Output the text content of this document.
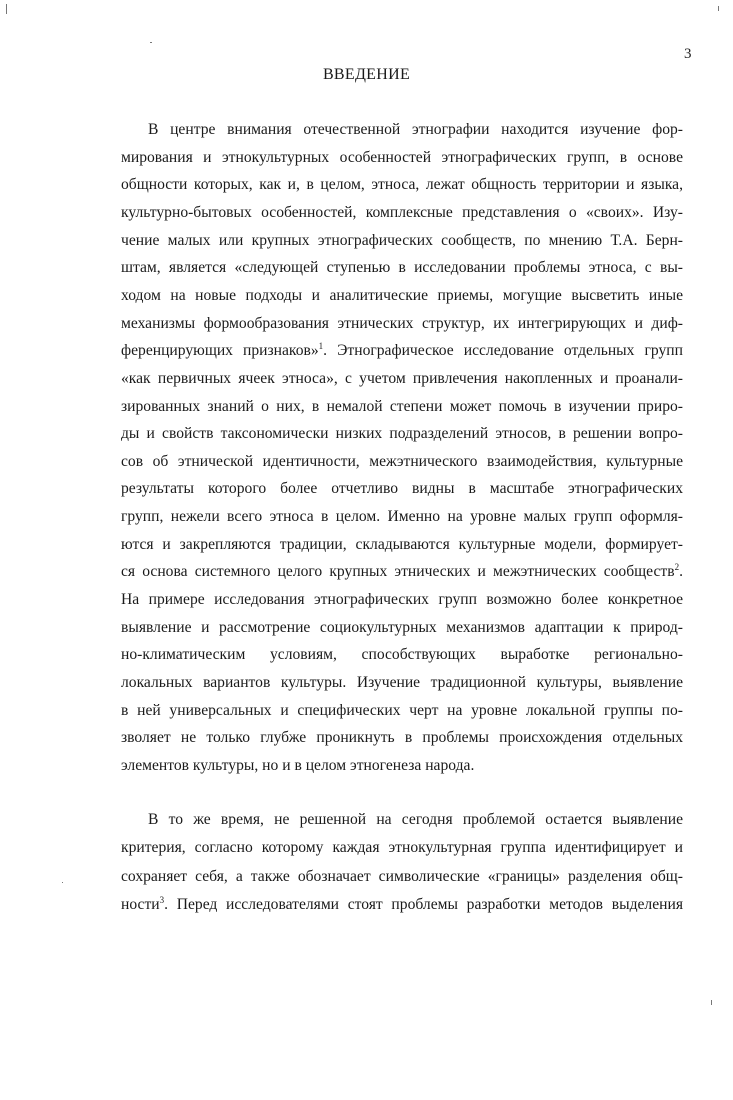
3
ВВЕДЕНИЕ
В центре внимания отечественной этнографии находится изучение фор-
мирования и этнокультурных особенностей этнографических групп, в основе
общности которых, как и, в целом, этноса, лежат общность территории и языка,
культурно-бытовых особенностей, комплексные представления о «своих». Изу-
чение малых или крупных этнографических сообществ, по мнению Т.А. Берн-
штам, является «следующей ступенью в исследовании проблемы этноса, с вы-
ходом на новые подходы и аналитические приемы, могущие высветить иные
механизмы формообразования этнических структур, их интегрирующих и диф-
ференцирующих признаков»$^1$. Этнографическое исследование отдельных групп
«как первичных ячеек этноса», с учетом привлечения накопленных и проанали-
зированных знаний о них, в немалой степени может помочь в изучении приро-
ды и свойств таксономически низких подразделений этносов, в решении вопро-
сов об этнической идентичности, межэтнического взаимодействия, культурные
результаты которого более отчетливо видны в масштабе этнографических
групп, нежели всего этноса в целом. Именно на уровне малых групп оформля-
ются и закрепляются традиции, складываются культурные модели, формирует-
ся основа системного целого крупных этнических и межэтнических сообществ$^2$.
На примере исследования этнографических групп возможно более конкретное
выявление и рассмотрение социокультурных механизмов адаптации к природ-
но-климатическим условиям, способствующих выработке регионально-
локальных вариантов культуры. Изучение традиционной культуры, выявление
в ней универсальных и специфических черт на уровне локальной группы по-
зволяет не только глубже проникнуть в проблемы происхождения отдельных
элементов культуры, но и в целом этногенеза народа.
В то же время, не решенной на сегодня проблемой остается выявление
критерия, согласно которому каждая этнокультурная группа идентифицирует и
сохраняет себя, а также обозначает символические «границы» разделения общ-
ности$^3$. Перед исследователями стоят проблемы разработки методов выделения
